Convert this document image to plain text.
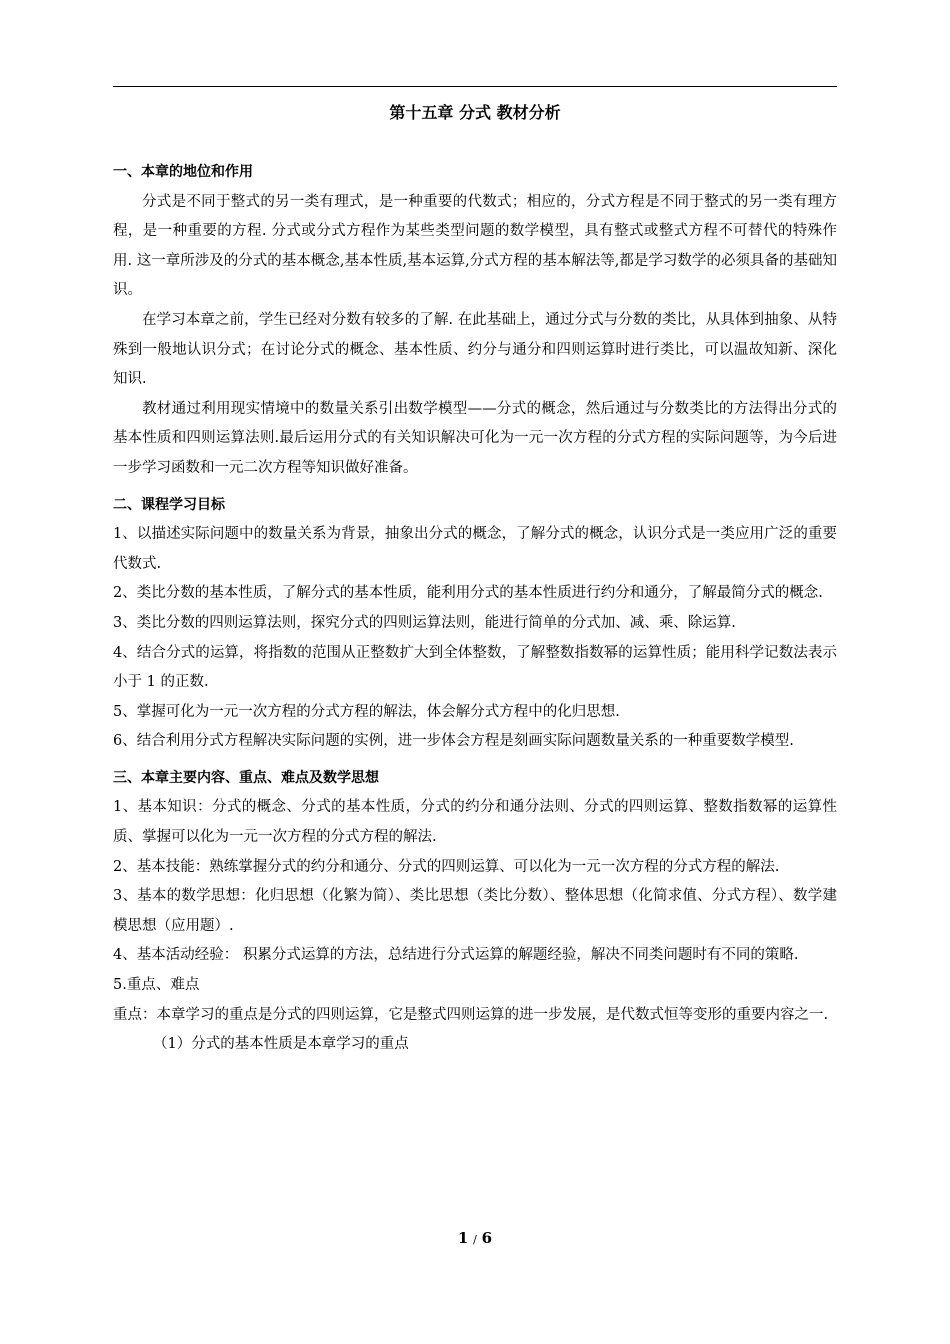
第十五章 分式 教材分析

一、本章的地位和作用

分式是不同于整式的另一类有理式，是一种重要的代数式；相应的，分式方程是不同于整式的另一类有理方程，是一种重要的方程. 分式或分式方程作为某些类型问题的数学模型，具有整式或整式方程不可替代的特殊作用. 这一章所涉及的分式的基本概念,基本性质,基本运算,分式方程的基本解法等,都是学习数学的必须具备的基础知识。

在学习本章之前，学生已经对分数有较多的了解. 在此基础上，通过分式与分数的类比，从具体到抽象、从特殊到一般地认识分式；在讨论分式的概念、基本性质、约分与通分和四则运算时进行类比，可以温故知新、深化知识.

教材通过利用现实情境中的数量关系引出数学模型——分式的概念，然后通过与分数类比的方法得出分式的基本性质和四则运算法则.最后运用分式的有关知识解决可化为一元一次方程的分式方程的实际问题等，为今后进一步学习函数和一元二次方程等知识做好准备。

二、课程学习目标

1、以描述实际问题中的数量关系为背景，抽象出分式的概念，了解分式的概念，认识分式是一类应用广泛的重要代数式.

2、类比分数的基本性质，了解分式的基本性质，能利用分式的基本性质进行约分和通分，了解最简分式的概念.

3、类比分数的四则运算法则，探究分式的四则运算法则，能进行简单的分式加、减、乘、除运算.

4、结合分式的运算，将指数的范围从正整数扩大到全体整数，了解整数指数幂的运算性质；能用科学记数法表示小于 1 的正数.

5、掌握可化为一元一次方程的分式方程的解法，体会解分式方程中的化归思想.

6、结合利用分式方程解决实际问题的实例，进一步体会方程是刻画实际问题数量关系的一种重要数学模型.

三、本章主要内容、重点、难点及数学思想

1、基本知识：分式的概念、分式的基本性质，分式的约分和通分法则、分式的四则运算、整数指数幂的运算性质、掌握可以化为一元一次方程的分式方程的解法.

2、基本技能：熟练掌握分式的约分和通分、分式的四则运算、可以化为一元一次方程的分式方程的解法.

3、基本的数学思想：化归思想（化繁为简）、类比思想（类比分数）、整体思想（化简求值、分式方程）、数学建模思想（应用题）.

4、基本活动经验： 积累分式运算的方法，总结进行分式运算的解题经验，解决不同类问题时有不同的策略.

5.重点、难点

重点：本章学习的重点是分式的四则运算，它是整式四则运算的进一步发展，是代数式恒等变形的重要内容之一.

（1）分式的基本性质是本章学习的重点

1 / 6
